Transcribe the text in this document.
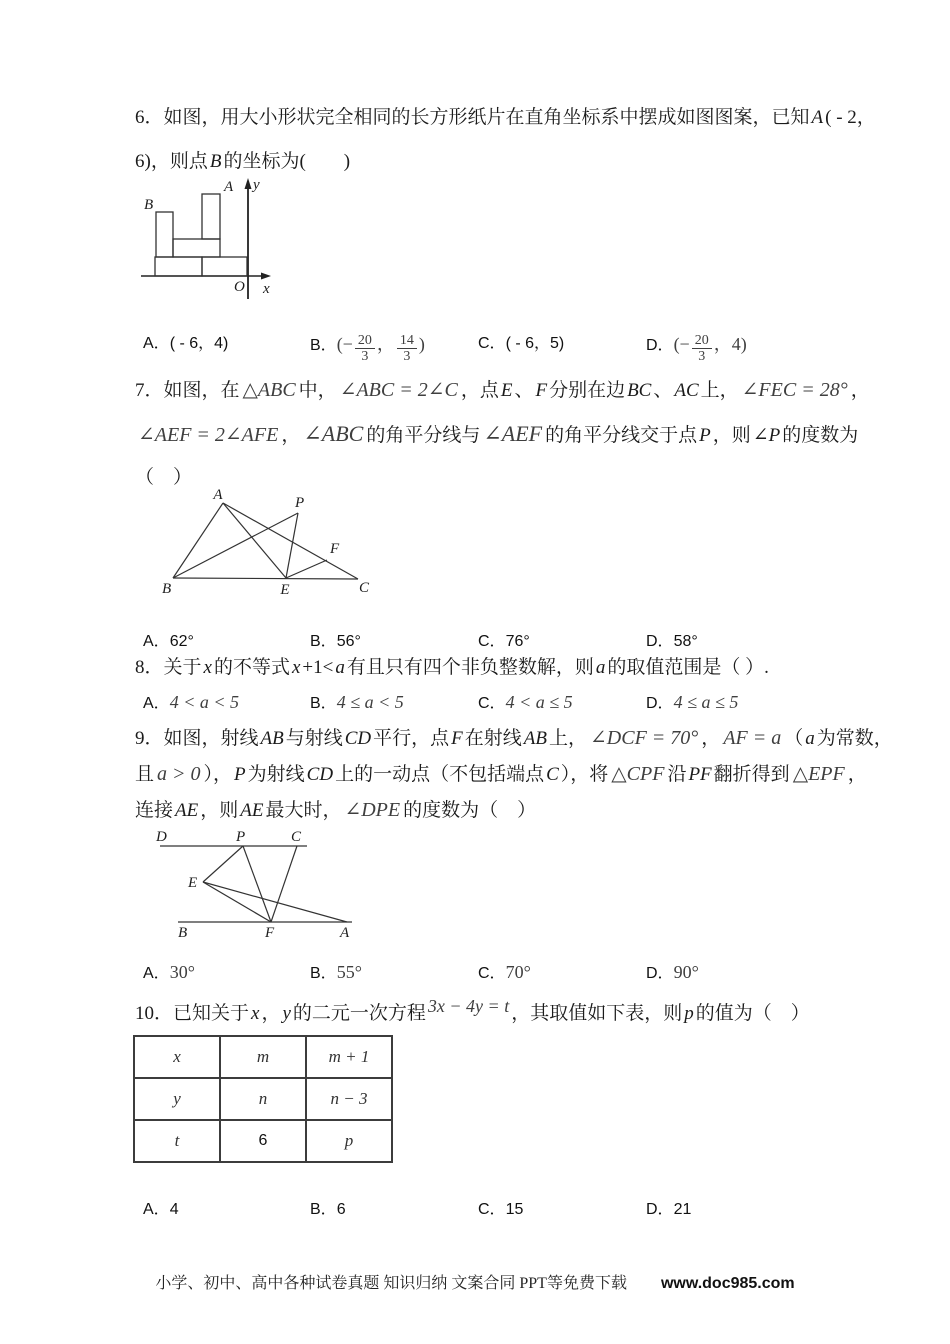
6．如图，用大小形状完全相同的长方形纸片在直角坐标系中摆成如图图案，已知 A ( - 2，
6)，则点 B 的坐标为(　　)
A
B
O x
y
A．( - 6，4)	B．(− $\frac{20}{3}$ ， $\frac{14}{3}$ )	C．( - 6，5)	D．(− $\frac{20}{3}$ ，4)
7．如图，在 △ABC 中， ∠ABC = 2∠C ，点 E 、 F 分别在边 BC 、 AC 上， ∠FEC = 28° ，
∠AEF = 2∠AFE ， ∠ABC 的角平分线与 ∠AEF 的角平分线交于点 P ，则 ∠P 的度数为
（　）
A	P
F
B	E	C
A．62°	B．56°	C．76°	D．58°
8．关于 x 的不等式 x +1< a 有且只有四个非负整数解，则 a 的取值范围是（ ）.
A．4 < a < 5	B．4 ≤ a < 5	C．4 < a ≤ 5	D．4 ≤ a ≤ 5
9．如图，射线 AB 与射线 CD 平行，点 F 在射线 AB 上， ∠DCF = 70° ， AF = a （ a 为常数，
且 a > 0 ）， P 为射线 CD 上的一动点（不包括端点 C ），将 △CPF 沿 PF 翻折得到 △EPF ，
连接 AE ，则 AE 最大时， ∠DPE 的度数为（　）
D	P	C
E
B	F	A
A．30°	B．55°	C．70°	D．90°
10．已知关于 x ， y 的二元一次方程 3x − 4y = t ，其取值如下表，则 p 的值为（　）
x	m	m + 1
y	n	n − 3
t	6	p
A．4	B．6	C．15	D．21
小学、初中、高中各种试卷真题 知识归纳 文案合同 PPT等免费下载 www.doc985.com
